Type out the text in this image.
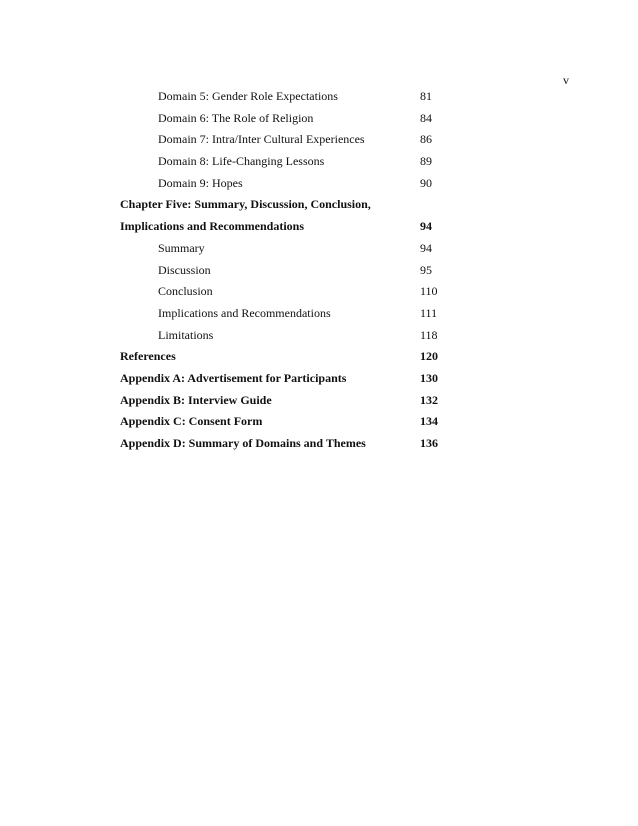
v
Domain 5: Gender Role Expectations	81
Domain 6: The Role of Religion	84
Domain 7: Intra/Inter Cultural Experiences	86
Domain 8: Life-Changing Lessons	89
Domain 9: Hopes	90
Chapter Five: Summary, Discussion, Conclusion,
Implications and Recommendations	94
Summary	94
Discussion	95
Conclusion	110
Implications and Recommendations	111
Limitations	118
References	120
Appendix A: Advertisement for Participants	130
Appendix B: Interview Guide	132
Appendix C: Consent Form	134
Appendix D: Summary of Domains and Themes	136
